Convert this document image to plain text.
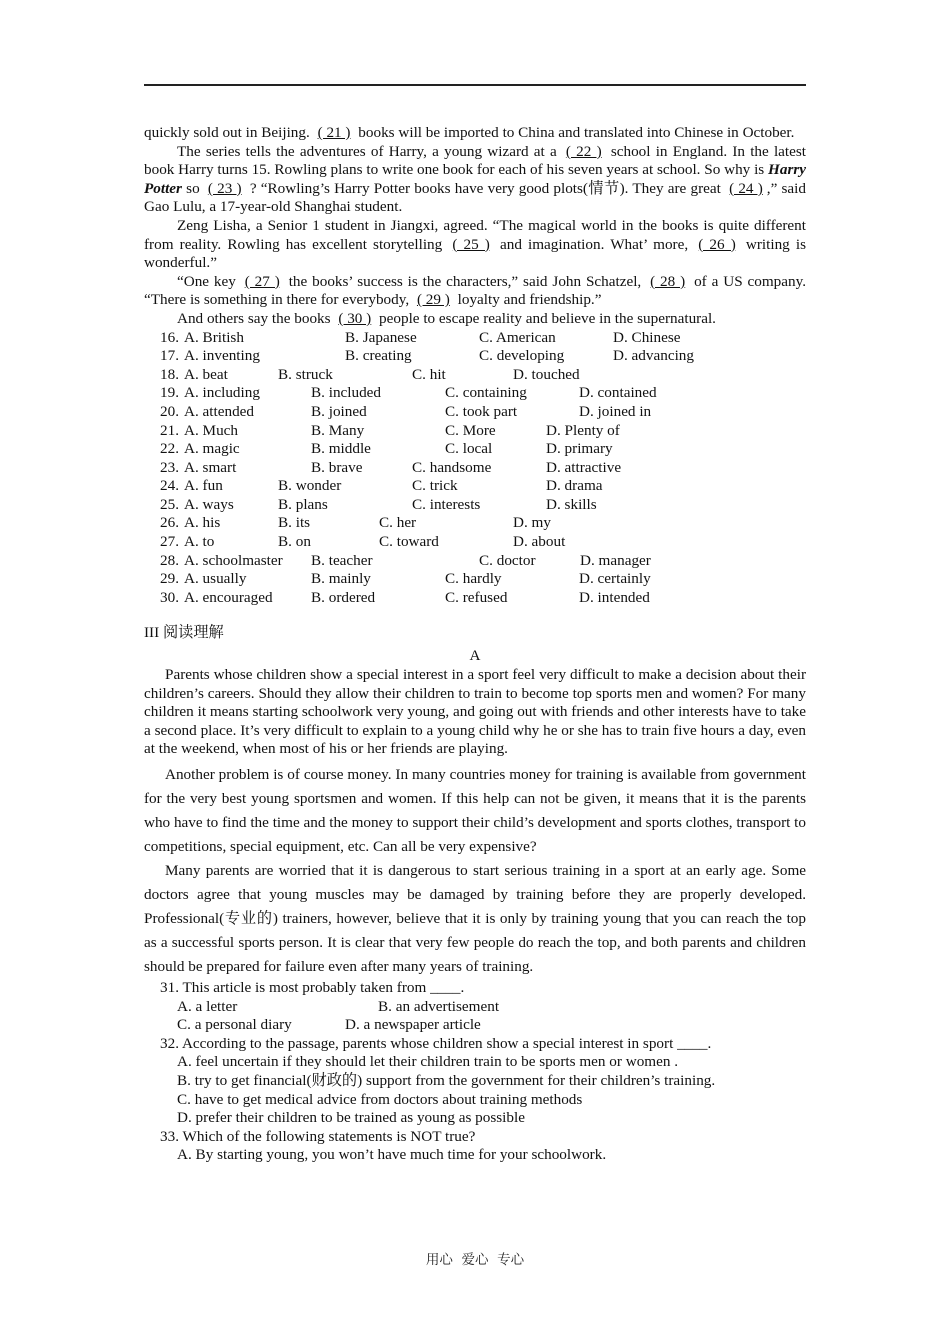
quickly sold out in Beijing. ( 21 ) books will be imported to China and translated into Chinese in October.

The series tells the adventures of Harry, a young wizard at a ( 22 ) school in England. In the latest book Harry turns 15. Rowling plans to write one book for each of his seven years at school. So why is Harry Potter so ( 23 ) ? “Rowling’s Harry Potter books have very good plots(情节). They are great ( 24 ) ,” said Gao Lulu, a 17-year-old Shanghai student.

Zeng Lisha, a Senior 1 student in Jiangxi, agreed. “The magical world in the books is quite different from reality. Rowling has excellent storytelling ( 25 ) and imagination. What’ more, ( 26 ) writing is wonderful.”

“One key ( 27 ) the books’ success is the characters,” said John Schatzel, ( 28 ) of a US company. “There is something in there for everybody, ( 29 ) loyalty and friendship.”

And others say the books ( 30 ) people to escape reality and believe in the supernatural.

16. A. British	B. Japanese	C. American	D. Chinese
17. A. inventing	B. creating	C. developing	D. advancing
18. A. beat	B. struck	C. hit	D. touched
19. A. including	B. included	C. containing	D. contained
20. A. attended	B. joined	C. took part	D. joined in
21. A. Much	B. Many	C. More	D. Plenty of
22. A. magic	B. middle	C. local	D. primary
23. A. smart	B. brave	C. handsome	D. attractive
24. A. fun	B. wonder	C. trick	D. drama
25. A. ways	B. plans	C. interests	D. skills
26. A. his	B. its	C. her	D. my
27. A. to	B. on	C. toward	D. about
28. A. schoolmaster	B. teacher	C. doctor	D. manager
29. A. usually	B. mainly	C. hardly	D. certainly
30. A. encouraged	B. ordered	C. refused	D. intended
III 阅读理解
A

Parents whose children show a special interest in a sport feel very difficult to make a decision about their children’s careers. Should they allow their children to train to become top sports men and women? For many children it means starting schoolwork very young, and going out with friends and other interests have to take a second place. It’s very difficult to explain to a young child why he or she has to train five hours a day, even at the weekend, when most of his or her friends are playing.

Another problem is of course money. In many countries money for training is available from government for the very best young sportsmen and women. If this help can not be given, it means that it is the parents who have to find the time and the money to support their child’s development and sports clothes, transport to competitions, special equipment, etc. Can all be very expensive?

Many parents are worried that it is dangerous to start serious training in a sport at an early age. Some doctors agree that young muscles may be damaged by training before they are properly developed. Professional(专业的) trainers, however, believe that it is only by training young that you can reach the top as a successful sports person. It is clear that very few people do reach the top, and both parents and children should be prepared for failure even after many years of training.

31. This article is most probably taken from ____.
A. a letter	B. an advertisement
C. a personal diary	D. a newspaper article
32. According to the passage, parents whose children show a special interest in sport ____.
A. feel uncertain if they should let their children train to be sports men or women .
B. try to get financial(财政的) support from the government for their children’s training.
C. have to get medical advice from doctors about training methods
D. prefer their children to be trained as young as possible
33. Which of the following statements is NOT true?
A. By starting young, you won’t have much time for your schoolwork.
用心  爱心  专心
